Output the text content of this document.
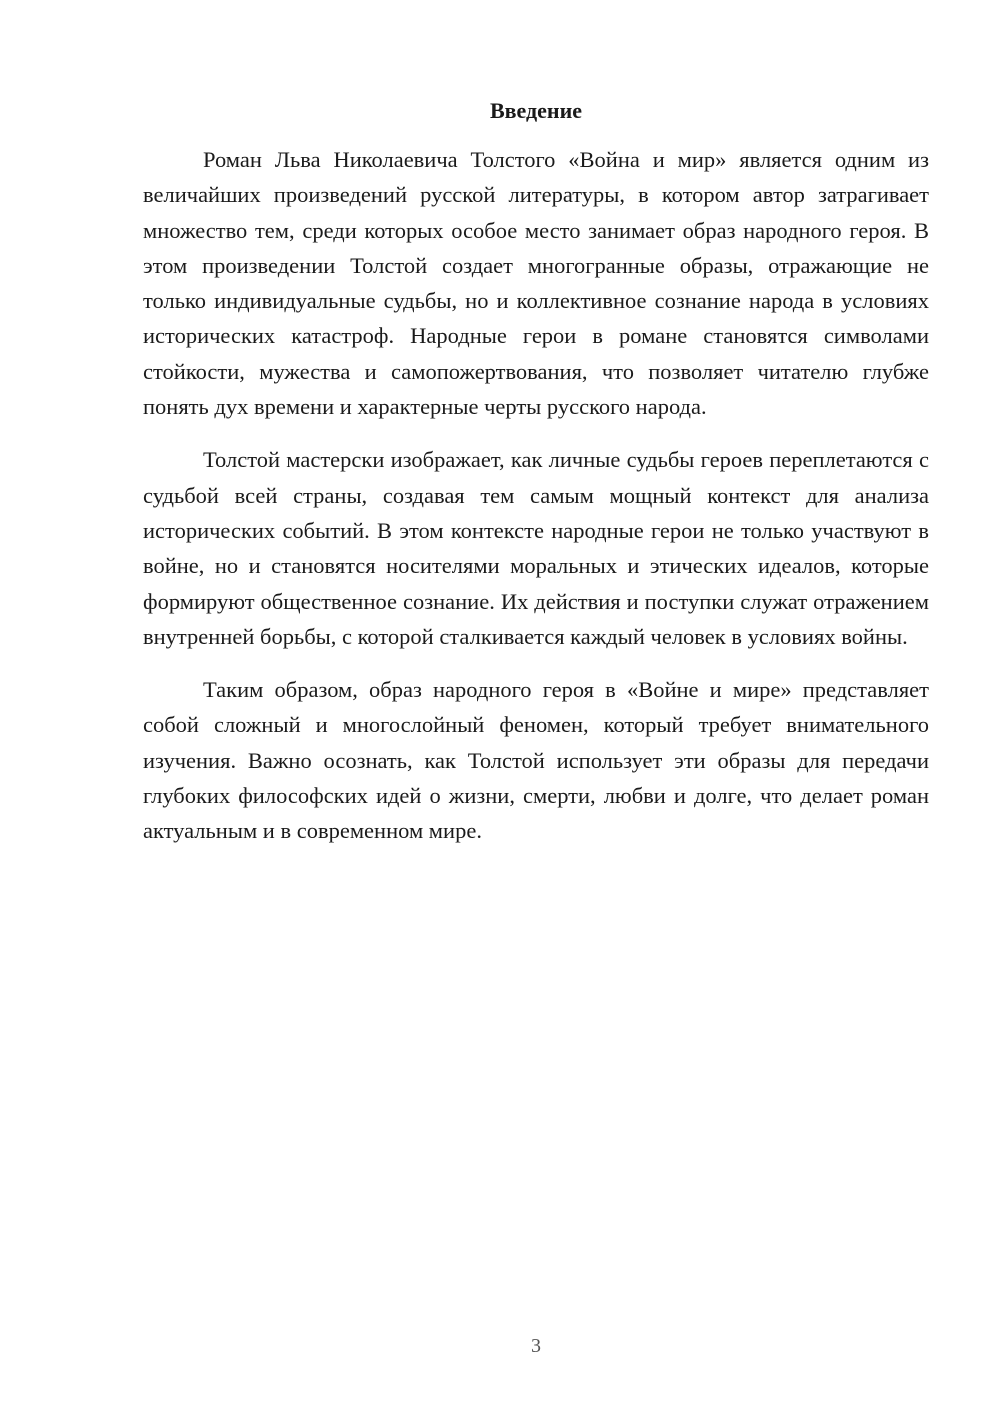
Введение

Роман Льва Николаевича Толстого «Война и мир» является одним из величайших произведений русской литературы, в котором автор затрагивает множество тем, среди которых особое место занимает образ народного героя. В этом произведении Толстой создает многогранные образы, отражающие не только индивидуальные судьбы, но и коллективное сознание народа в условиях исторических катастроф. Народные герои в романе становятся символами стойкости, мужества и самопожертвования, что позволяет читателю глубже понять дух времени и характерные черты русского народа.

Толстой мастерски изображает, как личные судьбы героев переплетаются с судьбой всей страны, создавая тем самым мощный контекст для анализа исторических событий. В этом контексте народные герои не только участвуют в войне, но и становятся носителями моральных и этических идеалов, которые формируют общественное сознание. Их действия и поступки служат отражением внутренней борьбы, с которой сталкивается каждый человек в условиях войны.

Таким образом, образ народного героя в «Войне и мире» представляет собой сложный и многослойный феномен, который требует внимательного изучения. Важно осознать, как Толстой использует эти образы для передачи глубоких философских идей о жизни, смерти, любви и долге, что делает роман актуальным и в современном мире.

3
